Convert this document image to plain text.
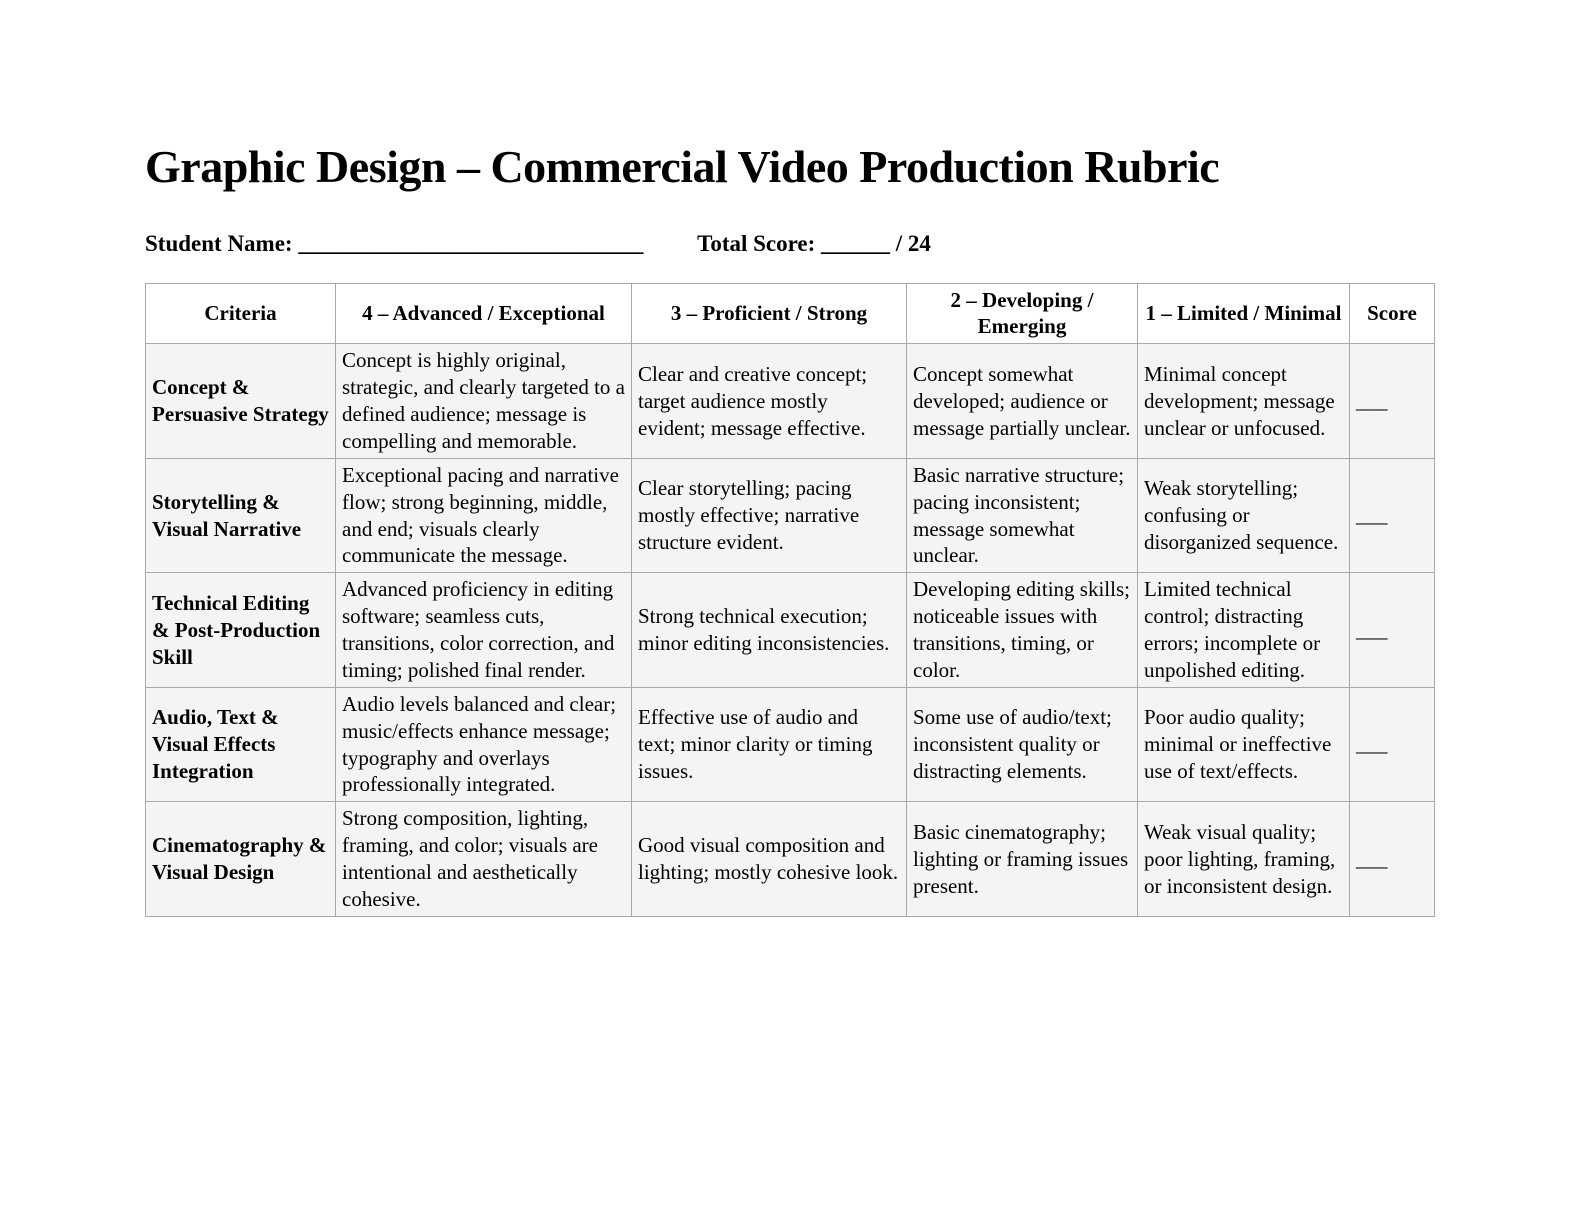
Graphic Design – Commercial Video Production Rubric
Student Name: ______________________________ Total Score: ______ / 24
Criteria	4 – Advanced / Exceptional	3 – Proficient / Strong	2 – Developing / Emerging	1 – Limited / Minimal	Score
Concept & Persuasive Strategy	Concept is highly original, strategic, and clearly targeted to a defined audience; message is compelling and memorable.	Clear and creative concept; target audience mostly evident; message effective.	Concept somewhat developed; audience or message partially unclear.	Minimal concept development; message unclear or unfocused.	___
Storytelling & Visual Narrative	Exceptional pacing and narrative flow; strong beginning, middle, and end; visuals clearly communicate the message.	Clear storytelling; pacing mostly effective; narrative structure evident.	Basic narrative structure; pacing inconsistent; message somewhat unclear.	Weak storytelling; confusing or disorganized sequence.	___
Technical Editing & Post-Production Skill	Advanced proficiency in editing software; seamless cuts, transitions, color correction, and timing; polished final render.	Strong technical execution; minor editing inconsistencies.	Developing editing skills; noticeable issues with transitions, timing, or color.	Limited technical control; distracting errors; incomplete or unpolished editing.	___
Audio, Text & Visual Effects Integration	Audio levels balanced and clear; music/effects enhance message; typography and overlays professionally integrated.	Effective use of audio and text; minor clarity or timing issues.	Some use of audio/text; inconsistent quality or distracting elements.	Poor audio quality; minimal or ineffective use of text/effects.	___
Cinematography & Visual Design	Strong composition, lighting, framing, and color; visuals are intentional and aesthetically cohesive.	Good visual composition and lighting; mostly cohesive look.	Basic cinematography; lighting or framing issues present.	Weak visual quality; poor lighting, framing, or inconsistent design.	___
